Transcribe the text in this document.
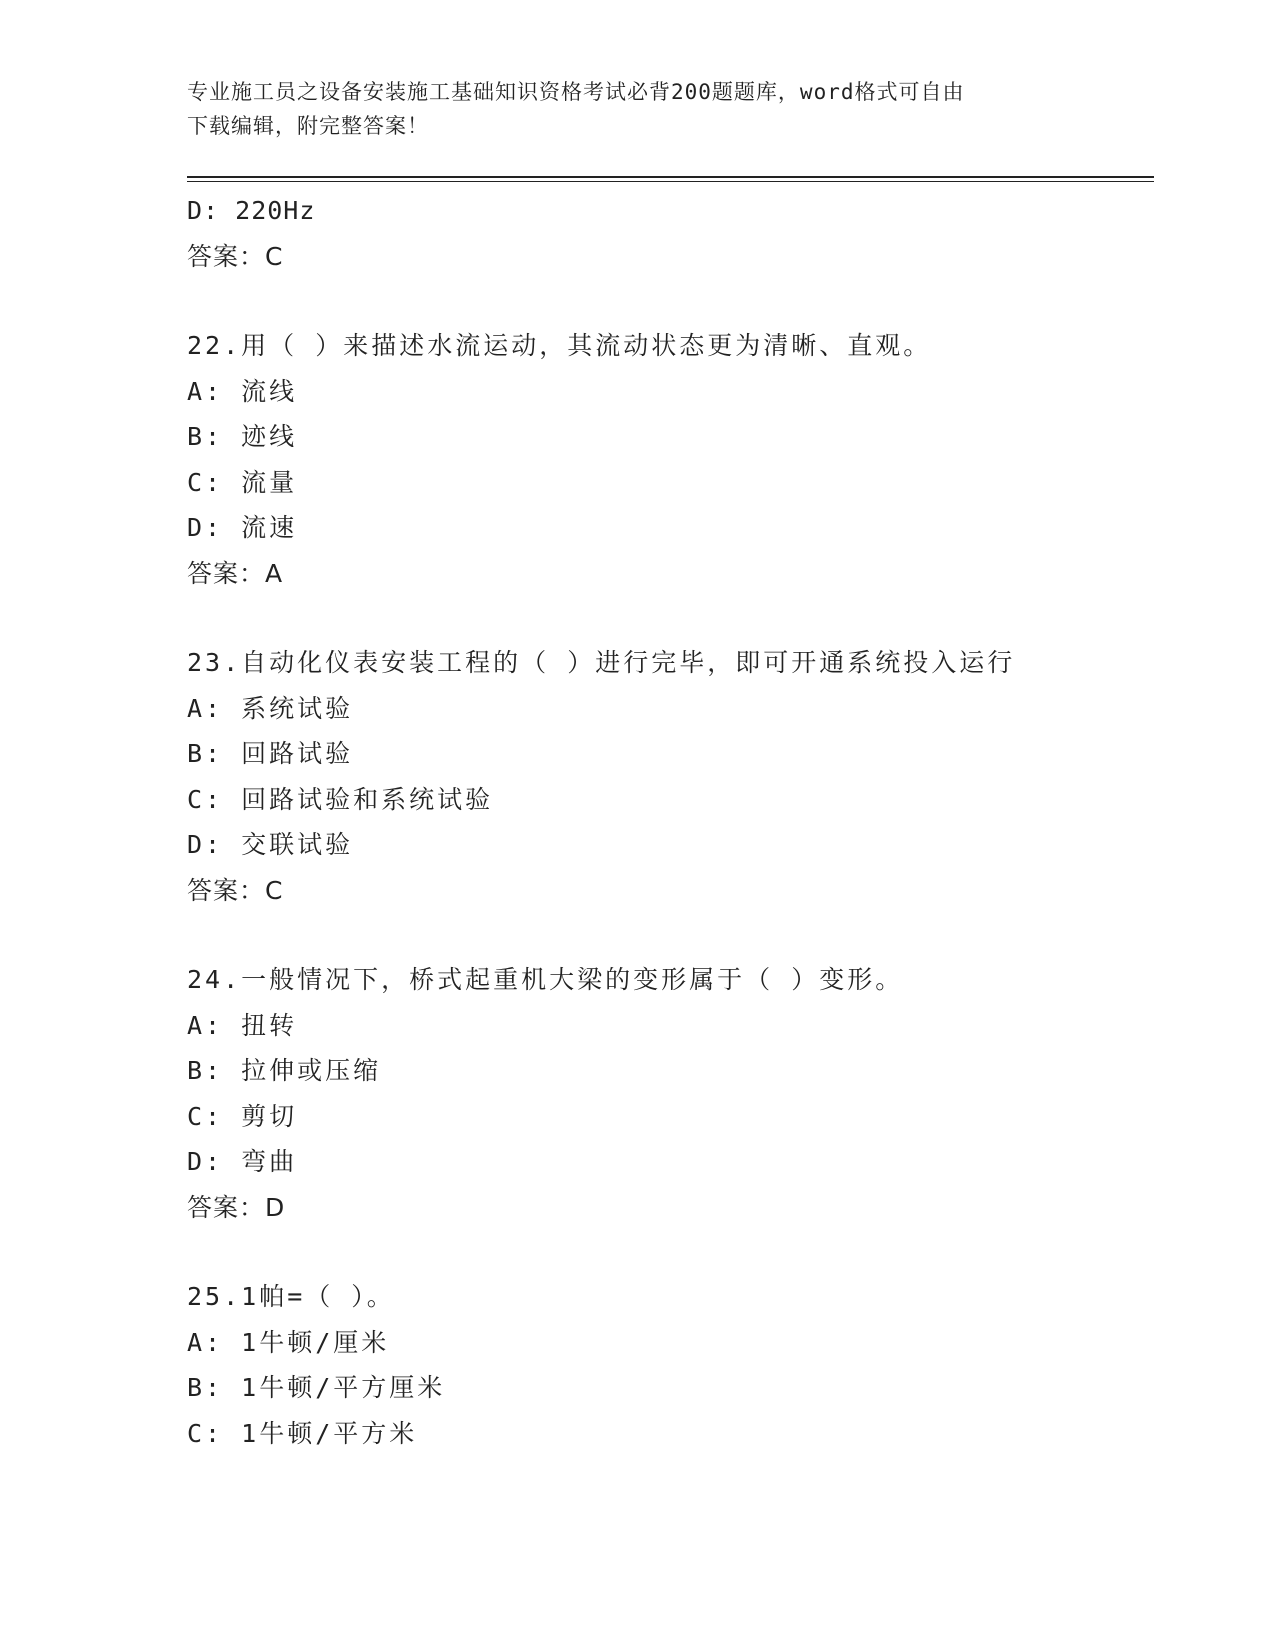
专业施工员之设备安装施工基础知识资格考试必背200题题库，word格式可自由
下载编辑，附完整答案！
D: 220Hz
答案：C
22.用（ ）来描述水流运动，其流动状态更为清晰、直观。
A: 流线
B: 迹线
C: 流量
D: 流速
答案：A
23.自动化仪表安装工程的（ ）进行完毕，即可开通系统投入运行
A: 系统试验
B: 回路试验
C: 回路试验和系统试验
D: 交联试验
答案：C
24.一般情况下，桥式起重机大梁的变形属于（ ）变形。
A: 扭转
B: 拉伸或压缩
C: 剪切
D: 弯曲
答案：D
25.1帕=（ ）。
A: 1牛顿/厘米
B: 1牛顿/平方厘米
C: 1牛顿/平方米
